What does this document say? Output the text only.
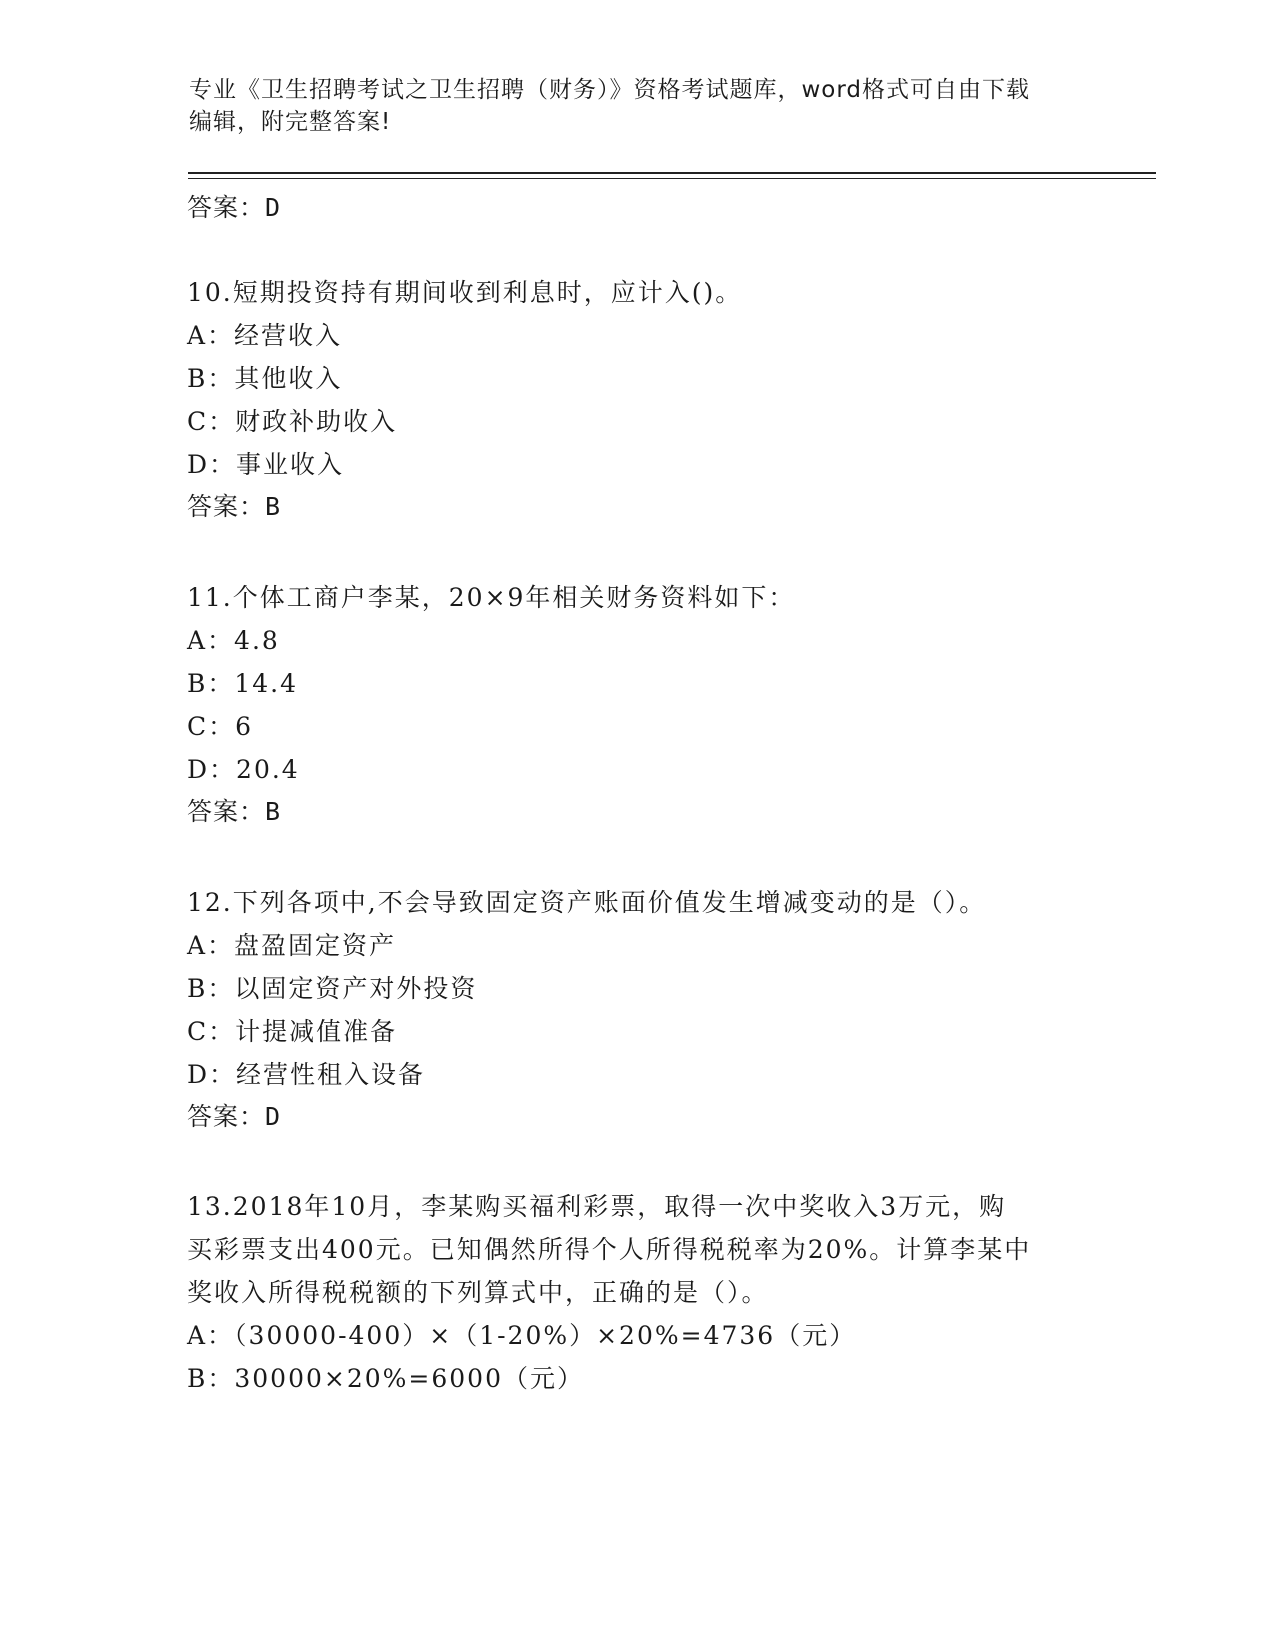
专业《卫生招聘考试之卫生招聘（财务）》资格考试题库，word格式可自由下载
编辑，附完整答案!
答案：D
10.短期投资持有期间收到利息时，应计入()。
A：经营收入
B：其他收入
C：财政补助收入
D：事业收入
答案：B
11.个体工商户李某，20×9年相关财务资料如下：
A：4.8
B：14.4
C：6
D：20.4
答案：B
12.下列各项中,不会导致固定资产账面价值发生增减变动的是（）。
A：盘盈固定资产
B：以固定资产对外投资
C：计提减值准备
D：经营性租入设备
答案：D
13.2018年10月，李某购买福利彩票，取得一次中奖收入3万元，购
买彩票支出400元。已知偶然所得个人所得税税率为20%。计算李某中
奖收入所得税税额的下列算式中，正确的是（）。
A：（30000-400）×（1-20%）×20%=4736（元）
B：30000×20%=6000（元）
